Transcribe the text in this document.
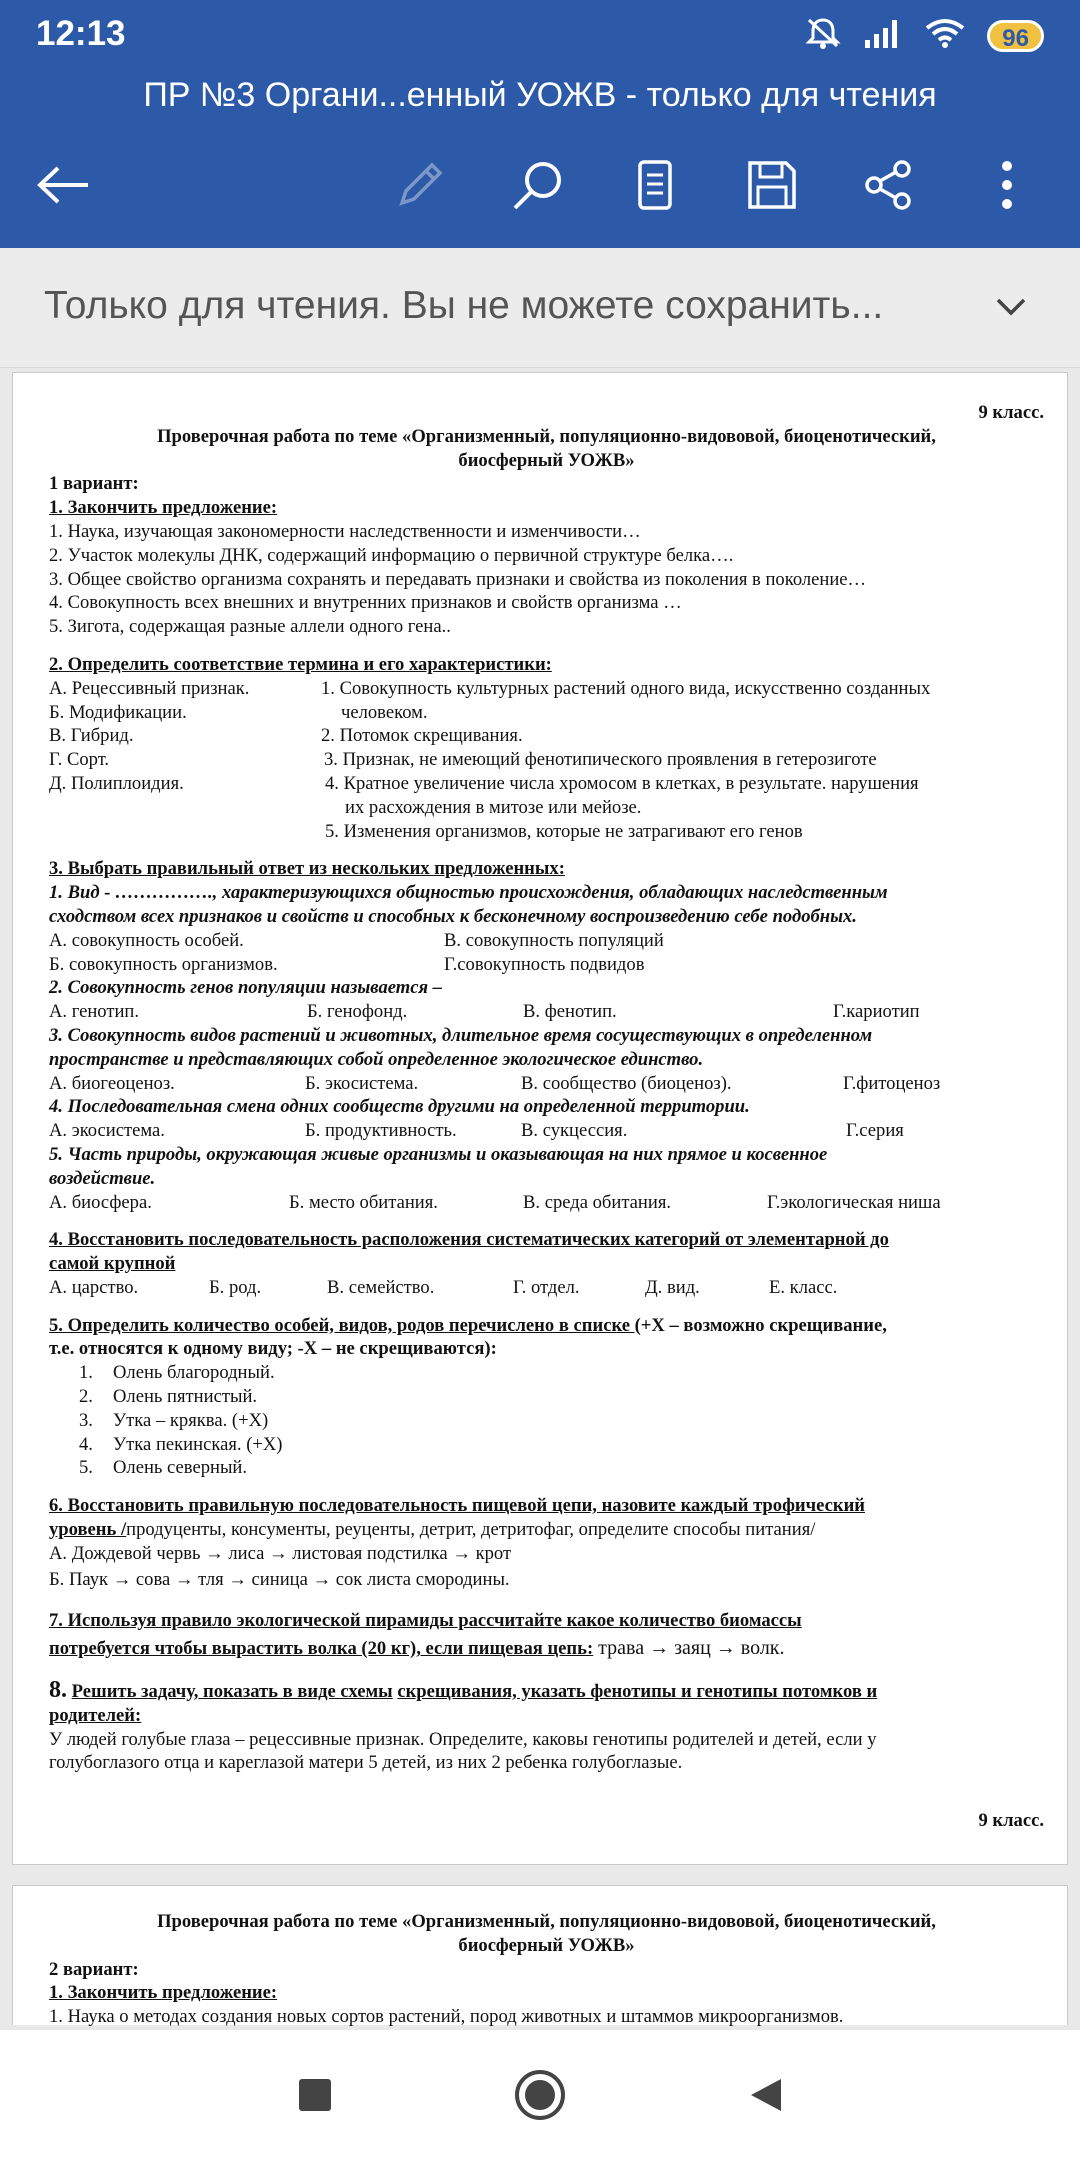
12:13	96
ПР №3 Органи...енный УОЖВ - только для чтения
Только для чтения. Вы не можете сохранить...
9 класс.
Проверочная работа по теме «Организменный, популяционно-видововой, биоценотический,
биосферный УОЖВ»
1 вариант:
1. Закончить предложение:
1. Наука, изучающая закономерности наследственности и изменчивости…
2. Участок молекулы ДНК, содержащий информацию о первичной структуре белка….
3. Общее свойство организма сохранять и передавать признаки и свойства из поколения в поколение…
4. Совокупность всех внешних и внутренних признаков и свойств организма …
5. Зигота, содержащая разные аллели одного гена..
2. Определить соответствие термина и его характеристики:
А. Рецессивный признак.	1. Совокупность культурных растений одного вида, искусственно созданных
Б. Модификации.	человеком.
В. Гибрид.	2. Потомок скрещивания.
Г. Сорт.	3. Признак, не имеющий фенотипического проявления в гетерозиготе
Д. Полиплоидия.	4. Кратное увеличение числа хромосом в клетках, в результате. нарушения
их расхождения в митозе или мейозе.
5. Изменения организмов, которые не затрагивают его генов
3. Выбрать правильный ответ из нескольких предложенных:
1. Вид - ……………., характеризующихся общностью происхождения, обладающих наследственным
сходством всех признаков и свойств и способных к бесконечному воспроизведению себе подобных.
А. совокупность особей.	В. совокупность популяций
Б. совокупность организмов.	Г.совокупность подвидов
2. Совокупность генов популяции называется –
А. генотип.	Б. генофонд.	В. фенотип.	Г.кариотип
3. Совокупность видов растений и животных, длительное время сосуществующих в определенном
пространстве и представляющих собой определенное экологическое единство.
А. биогеоценоз.	Б. экосистема.	В. сообщество (биоценоз).	Г.фитоценоз
4. Последовательная смена одних сообществ другими на определенной территории.
А. экосистема.	Б. продуктивность.	В. сукцессия.	Г.серия
5. Часть природы, окружающая живые организмы и оказывающая на них прямое и косвенное
воздействие.
А. биосфера.	Б. место обитания.	В. среда обитания.	Г.экологическая ниша
4. Восстановить последовательность расположения систематических категорий от элементарной до
самой крупной
А. царство.	Б. род.	В. семейство.	Г. отдел.	Д. вид.	Е. класс.
5. Определить количество особей, видов, родов перечислено в списке (+Х – возможно скрещивание,
т.е. относятся к одному виду; -Х – не скрещиваются):
1.	Олень благородный.
2.	Олень пятнистый.
3.	Утка – кряква. (+Х)
4.	Утка пекинская. (+Х)
5.	Олень северный.
6. Восстановить правильную последовательность пищевой цепи, назовите каждый трофический
уровень /продуценты, консументы, реуценты, детрит, детритофаг, определите способы питания/
А. Дождевой червь → лиса → листовая подстилка → крот
Б. Паук → сова → тля → синица → сок листа смородины.
7. Используя правило экологической пирамиды рассчитайте какое количество биомассы
потребуется чтобы вырастить волка (20 кг), если пищевая цепь: трава → заяц → волк.
8. Решить задачу, показать в виде схемы скрещивания, указать фенотипы и генотипы потомков и
родителей:
У людей голубые глаза – рецессивные признак. Определите, каковы генотипы родителей и детей, если у
голубоглазого отца и кареглазой матери 5 детей, из них 2 ребенка голубоглазые.
9 класс.
Проверочная работа по теме «Организменный, популяционно-видововой, биоценотический,
биосферный УОЖВ»
2 вариант:
1. Закончить предложение:
1. Наука о методах создания новых сортов растений, пород животных и штаммов микроорганизмов.
